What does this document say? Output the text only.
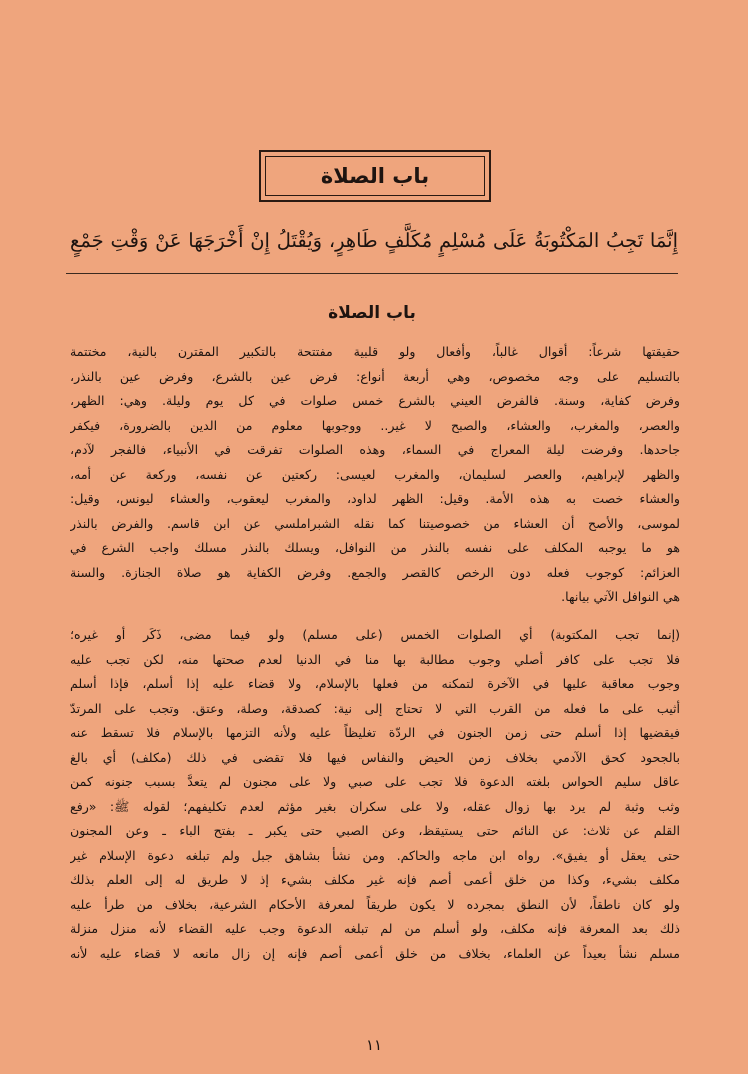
باب الصلاة
إِنَّمَا تَجِبُ المَكْتُوبَةُ عَلَى مُسْلِمٍ مُكَلَّفٍ طَاهِرٍ، وَيُقْتَلُ إِنْ أَخْرَجَهَا عَنْ وَقْتِ جَمْعٍ
باب الصلاة
حقيقتها شرعاً: أقوال غالباً، وأفعال ولو قلبية مفتتحة بالتكبير المقترن بالنية، مختتمة
بالتسليم على وجه مخصوص، وهي أربعة أنواع: فرض عين بالشرع، وفرض عين بالنذر،
وفرض كفاية، وسنة. فالفرض العيني بالشرع خمس صلوات في كل يوم وليلة. وهي: الظهر،
والعصر، والمغرب، والعشاء، والصبح لا غير.. ووجوبها معلوم من الدين بالضرورة، فيكفر
جاحدها. وفرضت ليلة المعراج في السماء، وهذه الصلوات تفرقت في الأنبياء، فالفجر لآدم،
والظهر لإبراهيم، والعصر لسليمان، والمغرب لعيسى: ركعتين عن نفسه، وركعة عن أمه،
والعشاء خصت به هذه الأمة. وقيل: الظهر لداود، والمغرب ليعقوب، والعشاء ليونس، وقيل:
لموسى، والأصح أن العشاء من خصوصيتنا كما نقله الشبراملسي عن ابن قاسم. والفرض بالنذر
هو ما يوجبه المكلف على نفسه بالنذر من النوافل، ويسلك بالنذر مسلك واجب الشرع في
العزائم: كوجوب فعله دون الرخص كالقصر والجمع. وفرض الكفاية هو صلاة الجنازة. والسنة
هي النوافل الآتي بيانها.
(إنما تجب المكتوبة) أي الصلوات الخمس (على مسلم) ولو فيما مضى، ذَكَر أو غيره؛
فلا تجب على كافر أصلي وجوب مطالبة بها منا في الدنيا لعدم صحتها منه، لكن تجب عليه
وجوب معاقبة عليها في الآخرة لتمكنه من فعلها بالإسلام، ولا قضاء عليه إذا أسلم، فإذا أسلم
أثيب على ما فعله من القرب التي لا تحتاج إلى نية: كصدقة، وصلة، وعتق. وتجب على المرتدّ
فيقضيها إذا أسلم حتى زمن الجنون في الردّة تغليظاً عليه ولأنه التزمها بالإسلام فلا تسقط عنه
بالجحود كحق الآدمي بخلاف زمن الحيض والنفاس فيها فلا تقضى في ذلك (مكلف) أي بالغ
عاقل سليم الحواس بلغته الدعوة فلا تجب على صبي ولا على مجنون لم يتعدَّ بسبب جنونه كمن
وثب وثبة لم يرد بها زوال عقله، ولا على سكران بغير مؤثم لعدم تكليفهم؛ لقوله ﷺ: «رفع
القلم عن ثلاث: عن النائم حتى يستيقظ، وعن الصبي حتى يكبر ـ بفتح الباء ـ وعن المجنون
حتى يعقل أو يفيق». رواه ابن ماجه والحاكم. ومن نشأ بشاهق جبل ولم تبلغه دعوة الإسلام غير
مكلف بشيء، وكذا من خلق أعمى أصم فإنه غير مكلف بشيء إذ لا طريق له إلى العلم بذلك
ولو كان ناطقاً، لأن النطق بمجرده لا يكون طريقاً لمعرفة الأحكام الشرعية، بخلاف من طرأ عليه
ذلك بعد المعرفة فإنه مكلف، ولو أسلم من لم تبلغه الدعوة وجب عليه القضاء لأنه منزل منزلة
مسلم نشأ بعيداً عن العلماء، بخلاف من خلق أعمى أصم فإنه إن زال مانعه لا قضاء عليه لأنه
١١
